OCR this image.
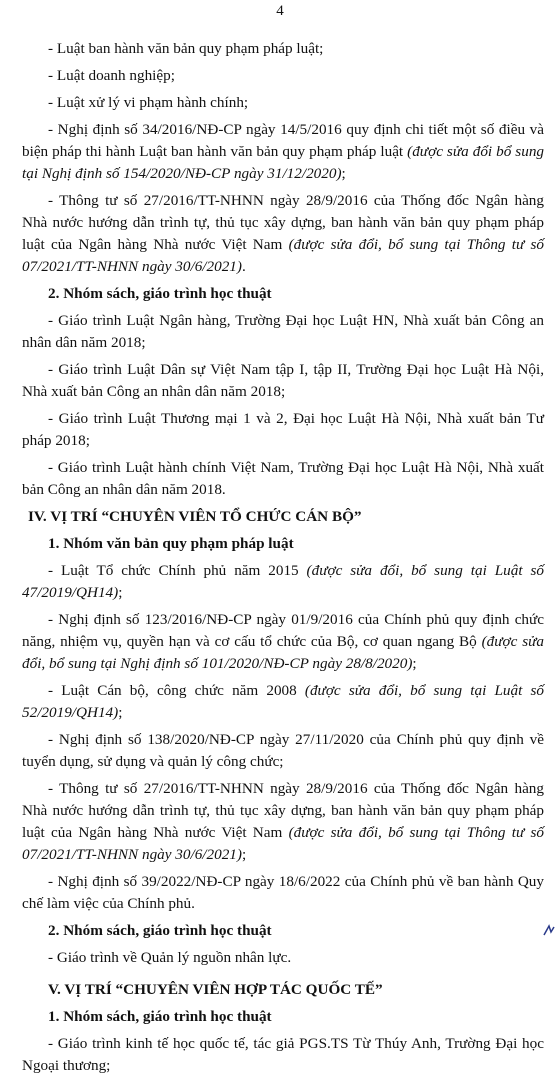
4

- Luật ban hành văn bản quy phạm pháp luật;

- Luật doanh nghiệp;

- Luật xử lý vi phạm hành chính;

- Nghị định số 34/2016/NĐ-CP ngày 14/5/2016 quy định chi tiết một số điều và biện pháp thi hành Luật ban hành văn bản quy phạm pháp luật (được sửa đổi bổ sung tại Nghị định số 154/2020/NĐ-CP ngày 31/12/2020);

- Thông tư số 27/2016/TT-NHNN ngày 28/9/2016 của Thống đốc Ngân hàng Nhà nước hướng dẫn trình tự, thủ tục xây dựng, ban hành văn bản quy phạm pháp luật của Ngân hàng Nhà nước Việt Nam (được sửa đổi, bổ sung tại Thông tư số 07/2021/TT-NHNN ngày 30/6/2021).

2. Nhóm sách, giáo trình học thuật

- Giáo trình Luật Ngân hàng, Trường Đại học Luật HN, Nhà xuất bản Công an nhân dân năm 2018;

- Giáo trình Luật Dân sự Việt Nam tập I, tập II, Trường Đại học Luật Hà Nội, Nhà xuất bản Công an nhân dân năm 2018;

- Giáo trình Luật Thương mại 1 và 2, Đại học Luật Hà Nội, Nhà xuất bản Tư pháp 2018;

- Giáo trình Luật hành chính Việt Nam, Trường Đại học Luật Hà Nội, Nhà xuất bản Công an nhân dân năm 2018.

IV. VỊ TRÍ “CHUYÊN VIÊN TỔ CHỨC CÁN BỘ”

1. Nhóm văn bản quy phạm pháp luật

- Luật Tổ chức Chính phủ năm 2015 (được sửa đổi, bổ sung tại Luật số 47/2019/QH14);

- Nghị định số 123/2016/NĐ-CP ngày 01/9/2016 của Chính phủ quy định chức năng, nhiệm vụ, quyền hạn và cơ cấu tổ chức của Bộ, cơ quan ngang Bộ (được sửa đổi, bổ sung tại Nghị định số 101/2020/NĐ-CP ngày 28/8/2020);

- Luật Cán bộ, công chức năm 2008 (được sửa đổi, bổ sung tại Luật số 52/2019/QH14);

- Nghị định số 138/2020/NĐ-CP ngày 27/11/2020 của Chính phủ quy định về tuyển dụng, sử dụng và quản lý công chức;

- Thông tư số 27/2016/TT-NHNN ngày 28/9/2016 của Thống đốc Ngân hàng Nhà nước hướng dẫn trình tự, thủ tục xây dựng, ban hành văn bản quy phạm pháp luật của Ngân hàng Nhà nước Việt Nam (được sửa đổi, bổ sung tại Thông tư số 07/2021/TT-NHNN ngày 30/6/2021);

- Nghị định số 39/2022/NĐ-CP ngày 18/6/2022 của Chính phủ về ban hành Quy chế làm việc của Chính phủ.

2. Nhóm sách, giáo trình học thuật

- Giáo trình về Quản lý nguồn nhân lực.

V. VỊ TRÍ “CHUYÊN VIÊN HỢP TÁC QUỐC TẾ”

1. Nhóm sách, giáo trình học thuật

- Giáo trình kinh tế học quốc tế, tác giả PGS.TS Từ Thúy Anh, Trường Đại học Ngoại thương;
